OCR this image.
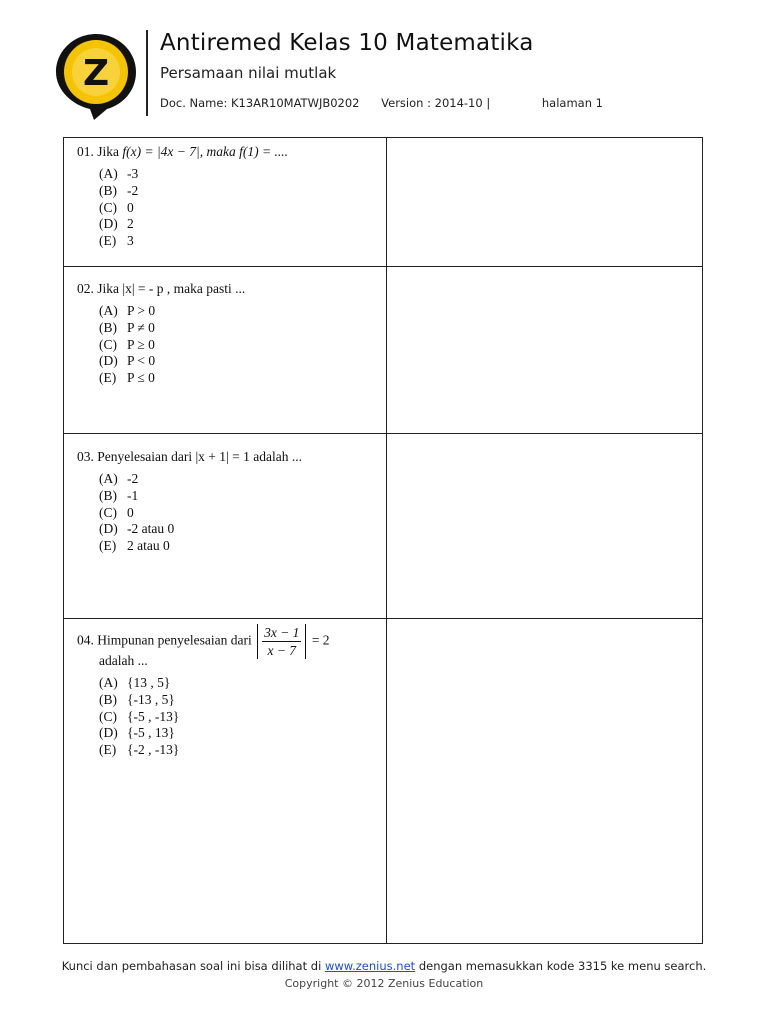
Z
Antiremed Kelas 10 Matematika
Persamaan nilai mutlak
Doc. Name: K13AR10MATWJB0202 Version : 2014-10 |	halaman 1
01. Jika f(x) = |4x − 7|, maka f(1) = ....
(A) -3
(B) -2
(C) 0
(D) 2
(E) 3
02. Jika |x| = - p , maka pasti ...
(A) P > 0
(B) P ≠ 0
(C) P ≥ 0
(D) P < 0
(E) P ≤ 0
03. Penyelesaian dari |x + 1| = 1 adalah ...
(A) -2
(B) -1
(C) 0
(D) -2 atau 0
(E) 2 atau 0
04. Himpunan penyelesaian dari $\frac{3x - 1}{x - 7} = 2$
adalah ...
(A) {13 , 5}
(B) {-13 , 5}
(C) {-5 , -13}
(D) {-5 , 13}
(E) {-2 , -13}
Kunci dan pembahasan soal ini bisa dilihat di www.zenius.net dengan memasukkan kode 3315 ke menu search.
Copyright © 2012 Zenius Education
